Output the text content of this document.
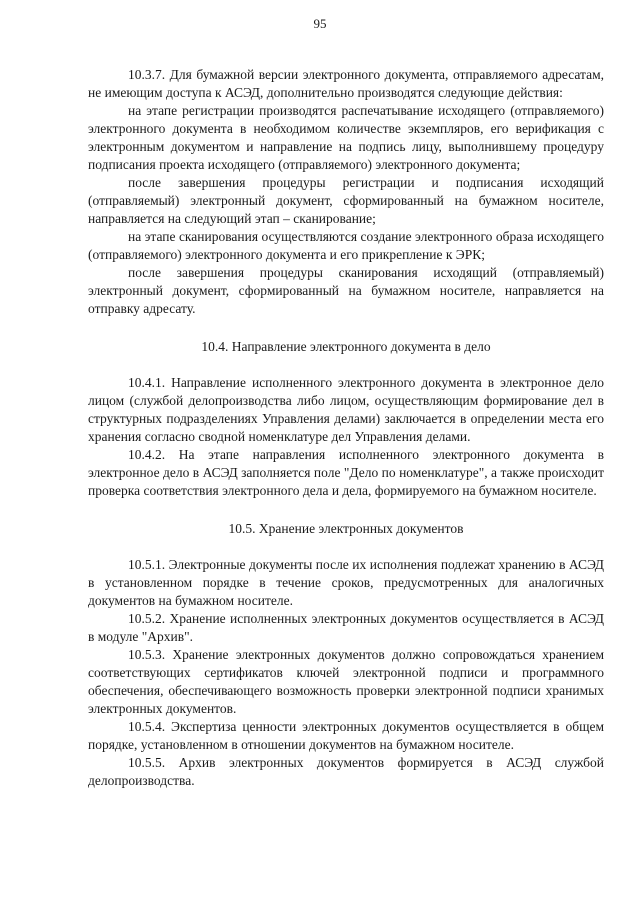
95

10.3.7. Для бумажной версии электронного документа, отправляемого адресатам, не имеющим доступа к АСЭД, дополнительно производятся следующие действия:

на этапе регистрации производятся распечатывание исходящего (отправляемого) электронного документа в необходимом количестве экземпляров, его верификация с электронным документом и направление на подпись лицу, выполнившему процедуру подписания проекта исходящего (отправляемого) электронного документа;

после завершения процедуры регистрации и подписания исходящий (отправляемый) электронный документ, сформированный на бумажном носителе, направляется на следующий этап – сканирование;

на этапе сканирования осуществляются создание электронного образа исходящего (отправляемого) электронного документа и его прикрепление к ЭРК;

после завершения процедуры сканирования исходящий (отправляемый) электронный документ, сформированный на бумажном носителе, направляется на отправку адресату.

10.4. Направление электронного документа в дело

10.4.1. Направление исполненного электронного документа в электронное дело лицом (службой делопроизводства либо лицом, осуществляющим формирование дел в структурных подразделениях Управления делами) заключается в определении места его хранения согласно сводной номенклатуре дел Управления делами.

10.4.2. На этапе направления исполненного электронного документа в электронное дело в АСЭД заполняется поле "Дело по номенклатуре", а также происходит проверка соответствия электронного дела и дела, формируемого на бумажном носителе.

10.5. Хранение электронных документов

10.5.1. Электронные документы после их исполнения подлежат хранению в АСЭД в установленном порядке в течение сроков, предусмотренных для аналогичных документов на бумажном носителе.

10.5.2. Хранение исполненных электронных документов осуществляется в АСЭД в модуле "Архив".

10.5.3. Хранение электронных документов должно сопровождаться хранением соответствующих сертификатов ключей электронной подписи и программного обеспечения, обеспечивающего возможность проверки электронной подписи хранимых электронных документов.

10.5.4. Экспертиза ценности электронных документов осуществляется в общем порядке, установленном в отношении документов на бумажном носителе.

10.5.5. Архив электронных документов формируется в АСЭД службой делопроизводства.
